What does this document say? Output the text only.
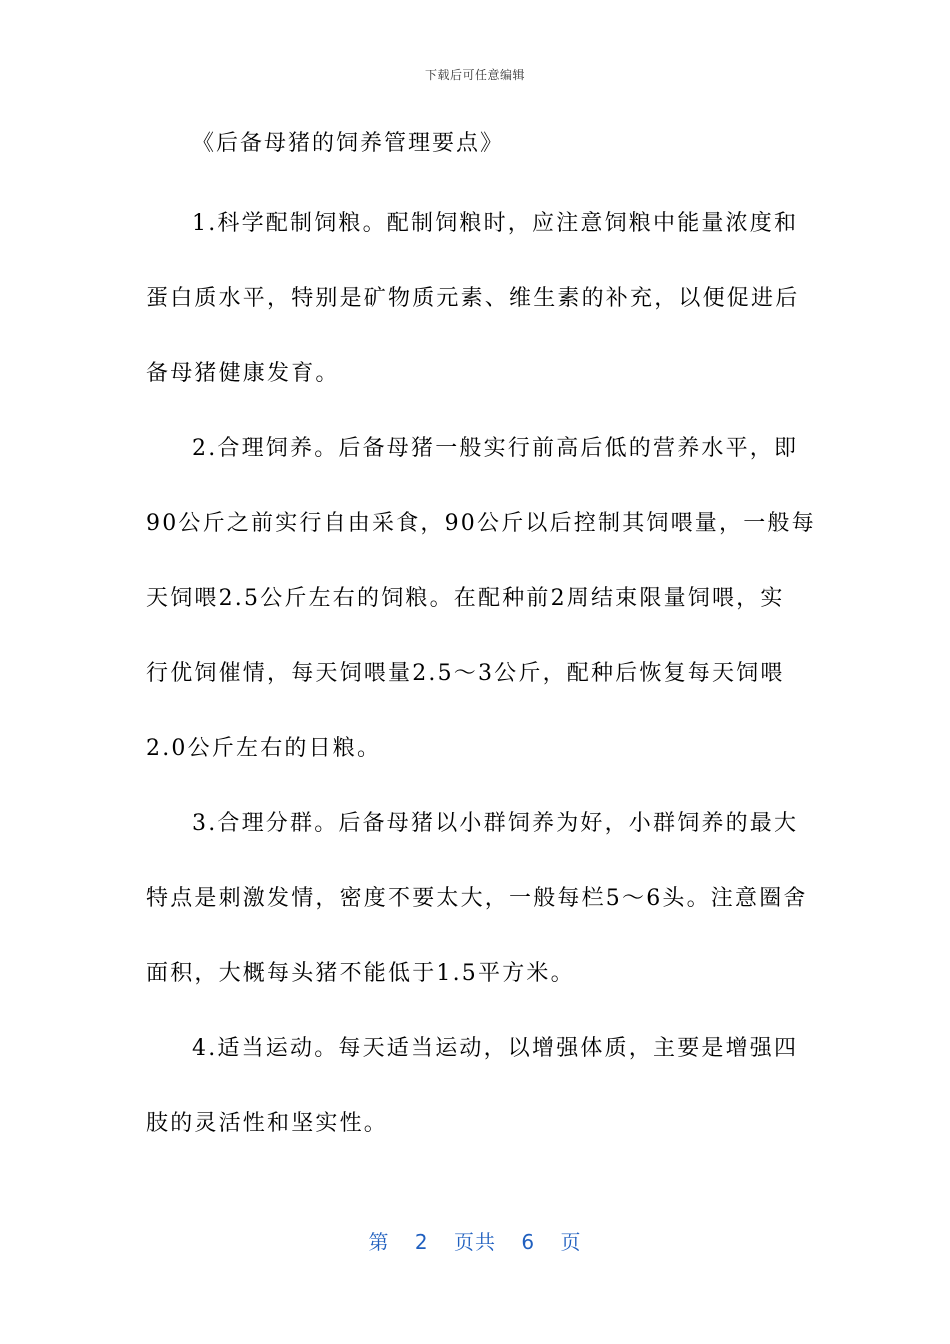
下载后可任意编辑
《后备母猪的饲养管理要点》
1.科学配制饲粮。配制饲粮时，应注意饲粮中能量浓度和
蛋白质水平，特别是矿物质元素、维生素的补充，以便促进后
备母猪健康发育。
2.合理饲养。后备母猪一般实行前高后低的营养水平，即
90公斤之前实行自由采食，90公斤以后控制其饲喂量，一般每
天饲喂2.5公斤左右的饲粮。在配种前2周结束限量饲喂，实
行优饲催情，每天饲喂量2.5～3公斤，配种后恢复每天饲喂
2.0公斤左右的日粮。
3.合理分群。后备母猪以小群饲养为好，小群饲养的最大
特点是刺激发情，密度不要太大，一般每栏5～6头。注意圈舍
面积，大概每头猪不能低于1.5平方米。
4.适当运动。每天适当运动，以增强体质，主要是增强四
肢的灵活性和坚实性。
第 2 页共 6 页
